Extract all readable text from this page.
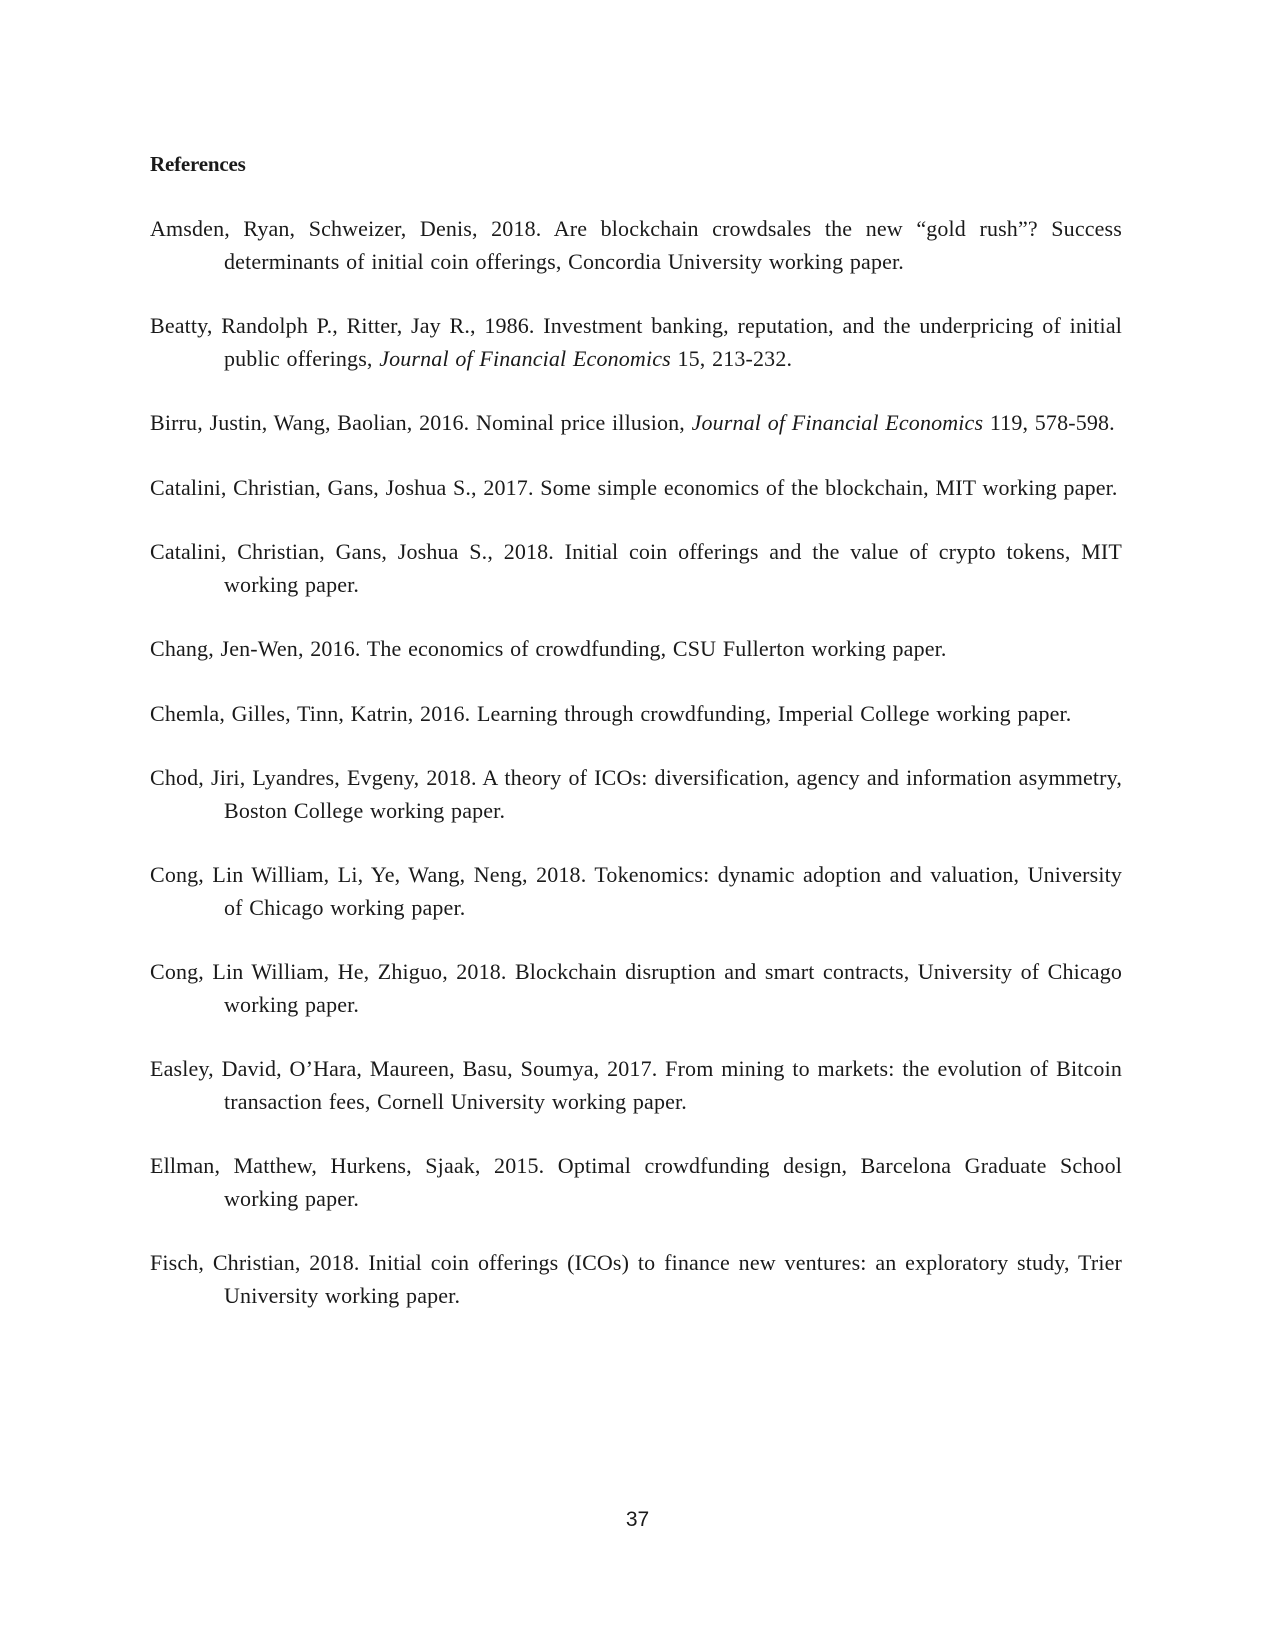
References

Amsden, Ryan, Schweizer, Denis, 2018. Are blockchain crowdsales the new “gold rush”? Success determinants of initial coin offerings, Concordia University working paper.

Beatty, Randolph P., Ritter, Jay R., 1986. Investment banking, reputation, and the underpricing of initial public offerings, Journal of Financial Economics 15, 213-232.

Birru, Justin, Wang, Baolian, 2016. Nominal price illusion, Journal of Financial Economics 119, 578-598.

Catalini, Christian, Gans, Joshua S., 2017. Some simple economics of the blockchain, MIT working paper.

Catalini, Christian, Gans, Joshua S., 2018. Initial coin offerings and the value of crypto tokens, MIT working paper.

Chang, Jen-Wen, 2016. The economics of crowdfunding, CSU Fullerton working paper.

Chemla, Gilles, Tinn, Katrin, 2016. Learning through crowdfunding, Imperial College working paper.

Chod, Jiri, Lyandres, Evgeny, 2018. A theory of ICOs: diversification, agency and information asymmetry, Boston College working paper.

Cong, Lin William, Li, Ye, Wang, Neng, 2018. Tokenomics: dynamic adoption and valuation, University of Chicago working paper.

Cong, Lin William, He, Zhiguo, 2018. Blockchain disruption and smart contracts, University of Chicago working paper.

Easley, David, O’Hara, Maureen, Basu, Soumya, 2017. From mining to markets: the evolution of Bitcoin transaction fees, Cornell University working paper.

Ellman, Matthew, Hurkens, Sjaak, 2015. Optimal crowdfunding design, Barcelona Graduate School working paper.

Fisch, Christian, 2018. Initial coin offerings (ICOs) to finance new ventures: an exploratory study, Trier University working paper.

37
